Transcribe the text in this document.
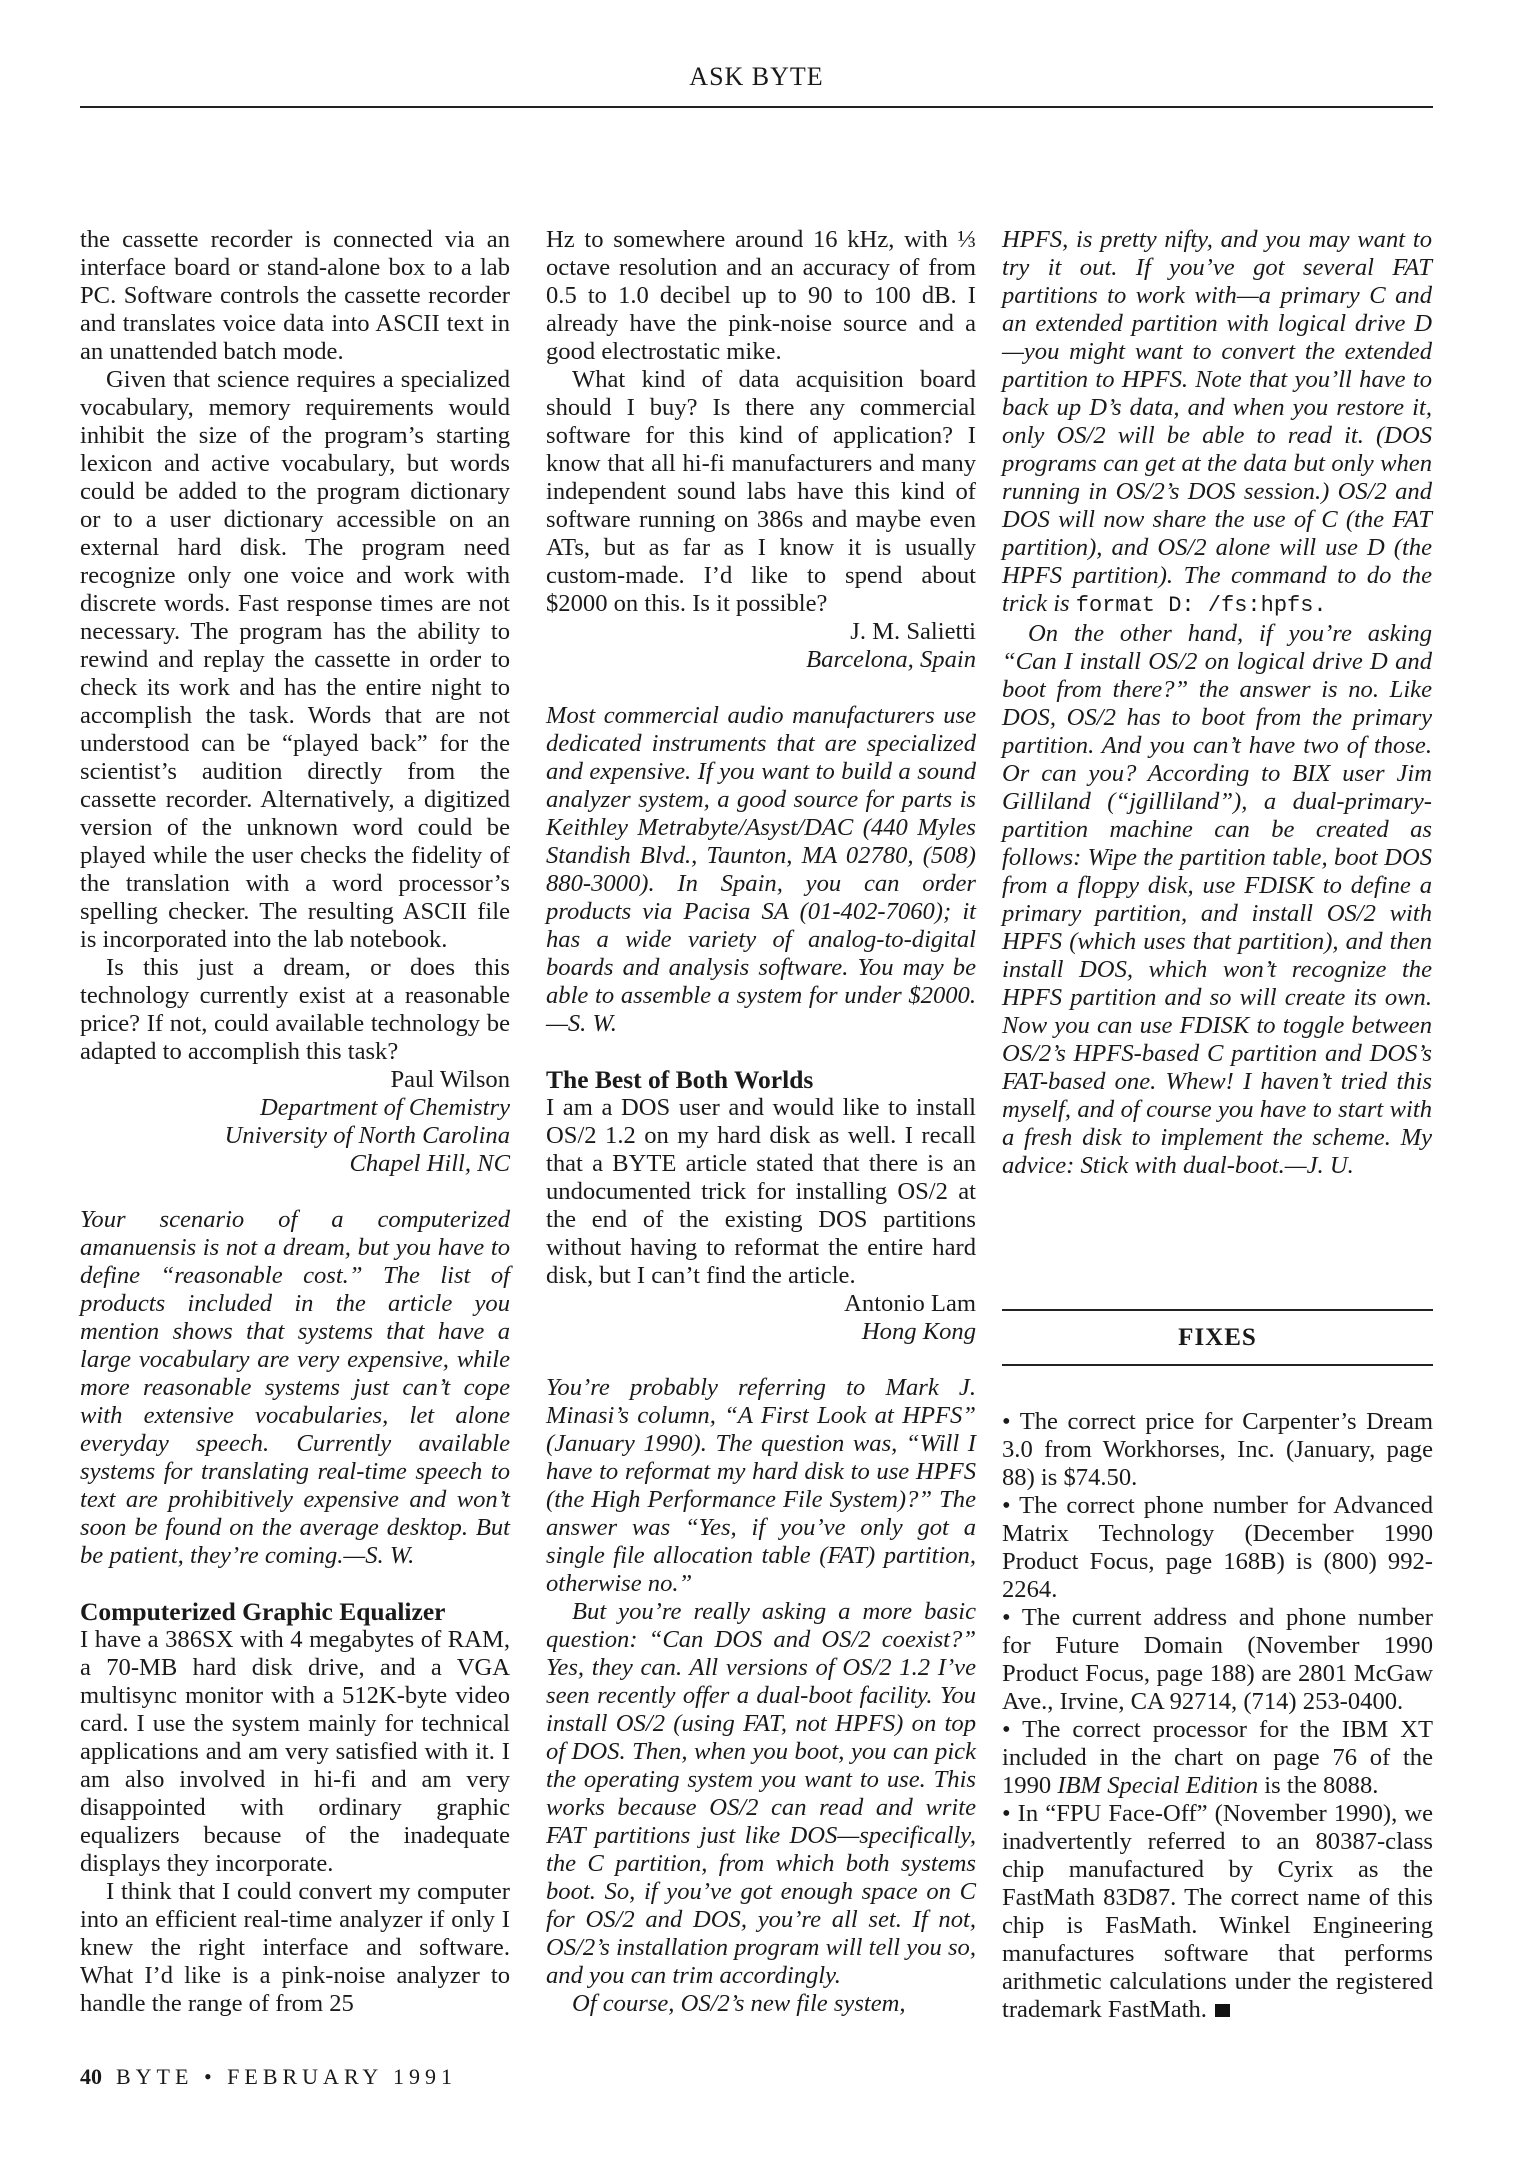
ASK BYTE

the cassette recorder is connected via an interface board or stand-alone box to a lab PC. Software controls the cassette recorder and translates voice data into ASCII text in an unattended batch mode.

Given that science requires a specialized vocabulary, memory requirements would inhibit the size of the program’s starting lexicon and active vocabulary, but words could be added to the program dictionary or to a user dictionary accessible on an external hard disk. The program need recognize only one voice and work with discrete words. Fast response times are not necessary. The program has the ability to rewind and replay the cassette in order to check its work and has the entire night to accomplish the task. Words that are not understood can be “played back” for the scientist’s audition directly from the cassette recorder. Alternatively, a digitized version of the unknown word could be played while the user checks the fidelity of the translation with a word processor’s spelling checker. The resulting ASCII file is incorporated into the lab notebook.

Is this just a dream, or does this technology currently exist at a reasonable price? If not, could available technology be adapted to accomplish this task?

Paul Wilson

Department of Chemistry

University of North Carolina

Chapel Hill, NC

Your scenario of a computerized amanuensis is not a dream, but you have to define “reasonable cost.” The list of products included in the article you mention shows that systems that have a large vocabulary are very expensive, while more reasonable systems just can’t cope with extensive vocabularies, let alone everyday speech. Currently available systems for translating real-time speech to text are prohibitively expensive and won’t soon be found on the average desktop. But be patient, they’re coming.—S. W.

Computerized Graphic Equalizer

I have a 386SX with 4 megabytes of RAM, a 70-MB hard disk drive, and a VGA multisync monitor with a 512K-byte video card. I use the system mainly for technical applications and am very satisfied with it. I am also involved in hi-fi and am very disappointed with ordinary graphic equalizers because of the inadequate displays they incorporate.

I think that I could convert my computer into an efficient real-time analyzer if only I knew the right interface and software. What I’d like is a pink-noise analyzer to handle the range of from 25

Hz to somewhere around 16 kHz, with ⅓ octave resolution and an accuracy of from 0.5 to 1.0 decibel up to 90 to 100 dB. I already have the pink-noise source and a good electrostatic mike.

What kind of data acquisition board should I buy? Is there any commercial software for this kind of application? I know that all hi-fi manufacturers and many independent sound labs have this kind of software running on 386s and maybe even ATs, but as far as I know it is usually custom-made. I’d like to spend about $2000 on this. Is it possible?

J. M. Salietti

Barcelona, Spain

Most commercial audio manufacturers use dedicated instruments that are specialized and expensive. If you want to build a sound analyzer system, a good source for parts is Keithley Metrabyte/Asyst/DAC (440 Myles Standish Blvd., Taunton, MA 02780, (508) 880-3000). In Spain, you can order products via Pacisa SA (01-402-7060); it has a wide variety of analog-to-digital boards and analysis software. You may be able to assemble a system for under $2000.—S. W.

The Best of Both Worlds

I am a DOS user and would like to install OS/2 1.2 on my hard disk as well. I recall that a BYTE article stated that there is an undocumented trick for installing OS/2 at the end of the existing DOS partitions without having to reformat the entire hard disk, but I can’t find the article.

Antonio Lam

Hong Kong

You’re probably referring to Mark J. Minasi’s column, “A First Look at HPFS” (January 1990). The question was, “Will I have to reformat my hard disk to use HPFS (the High Performance File System)?” The answer was “Yes, if you’ve only got a single file allocation table (FAT) partition, otherwise no.”

But you’re really asking a more basic question: “Can DOS and OS/2 coexist?” Yes, they can. All versions of OS/2 1.2 I’ve seen recently offer a dual-boot facility. You install OS/2 (using FAT, not HPFS) on top of DOS. Then, when you boot, you can pick the operating system you want to use. This works because OS/2 can read and write FAT partitions just like DOS—specifically, the C partition, from which both systems boot. So, if you’ve got enough space on C for OS/2 and DOS, you’re all set. If not, OS/2’s installation program will tell you so, and you can trim accordingly.

Of course, OS/2’s new file system,

HPFS, is pretty nifty, and you may want to try it out. If you’ve got several FAT partitions to work with—a primary C and an extended partition with logical drive D—you might want to convert the extended partition to HPFS. Note that you’ll have to back up D’s data, and when you restore it, only OS/2 will be able to read it. (DOS programs can get at the data but only when running in OS/2’s DOS session.) OS/2 and DOS will now share the use of C (the FAT partition), and OS/2 alone will use D (the HPFS partition). The command to do the trick is format D: /fs:hpfs.

On the other hand, if you’re asking “Can I install OS/2 on logical drive D and boot from there?” the answer is no. Like DOS, OS/2 has to boot from the primary partition. And you can’t have two of those. Or can you? According to BIX user Jim Gilliland (“jgilliland”), a dual-primary-partition machine can be created as follows: Wipe the partition table, boot DOS from a floppy disk, use FDISK to define a primary partition, and install OS/2 with HPFS (which uses that partition), and then install DOS, which won’t recognize the HPFS partition and so will create its own. Now you can use FDISK to toggle between OS/2’s HPFS-based C partition and DOS’s FAT-based one. Whew! I haven’t tried this myself, and of course you have to start with a fresh disk to implement the scheme. My advice: Stick with dual-boot.—J. U.

FIXES
• The correct price for Carpenter’s Dream 3.0 from Workhorses, Inc. (January, page 88) is $74.50.
• The correct phone number for Advanced Matrix Technology (December 1990 Product Focus, page 168B) is (800) 992-2264.
• The current address and phone number for Future Domain (November 1990 Product Focus, page 188) are 2801 McGaw Ave., Irvine, CA 92714, (714) 253-0400.
• The correct processor for the IBM XT included in the chart on page 76 of the 1990 IBM Special Edition is the 8088.
• In “FPU Face-Off” (November 1990), we inadvertently referred to an 80387-class chip manufactured by Cyrix as the FastMath 83D87. The correct name of this chip is FasMath. Winkel Engineering manufactures software that performs arithmetic calculations under the registered trademark FastMath.
40 BYTE • FEBRUARY 1991
